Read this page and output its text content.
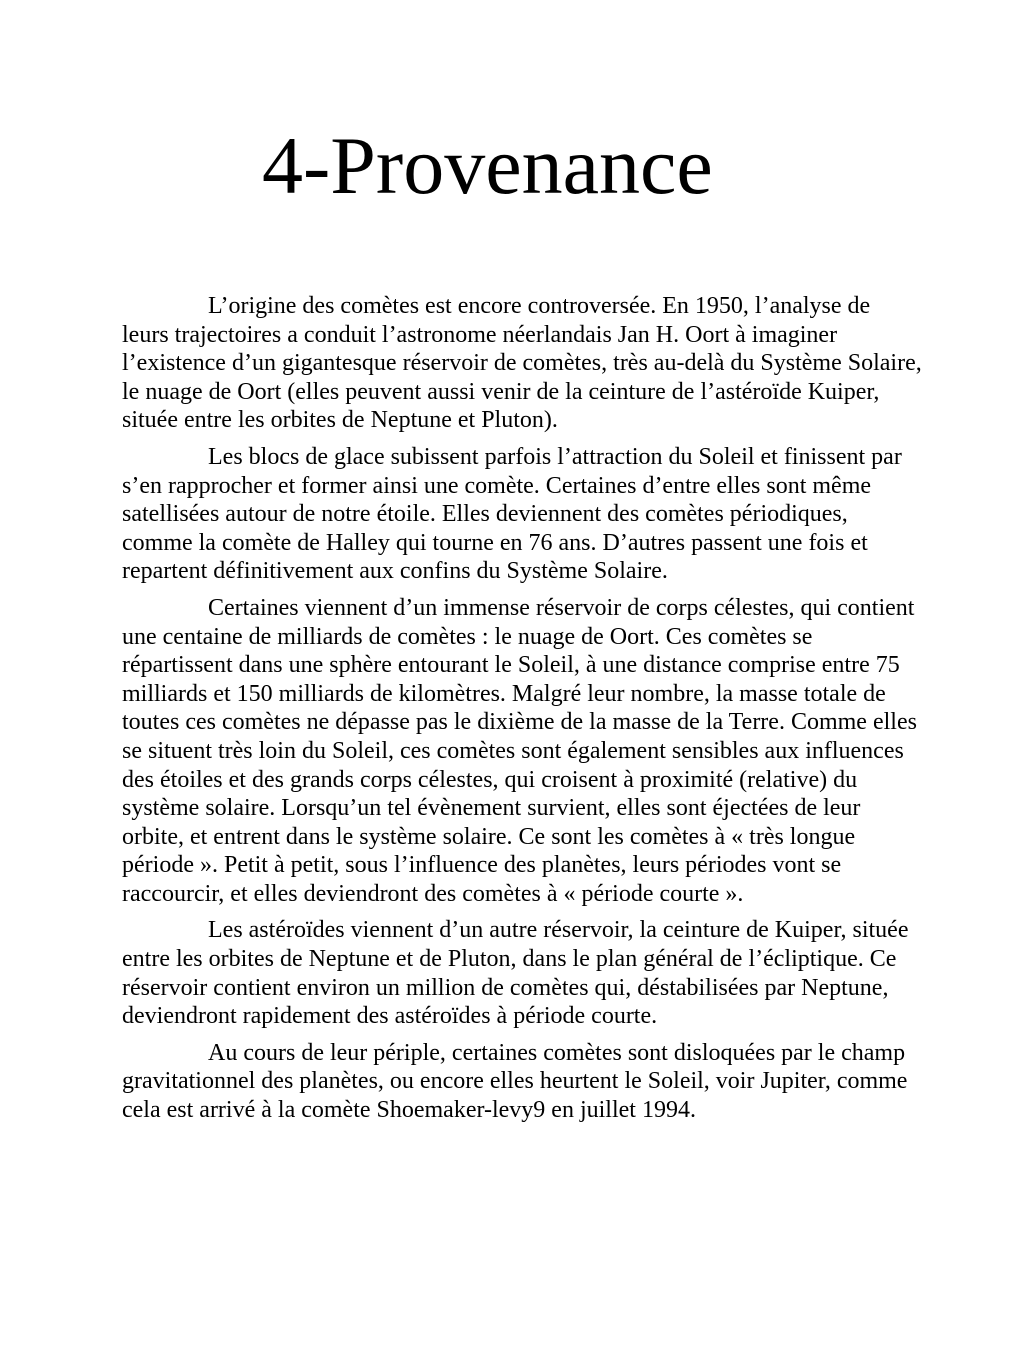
4-Provenance

L’origine des comètes est encore controversée. En 1950, l’analyse de leurs trajectoires a conduit l’astronome néerlandais Jan H. Oort à imaginer l’existence d’un gigantesque réservoir de comètes, très au-delà du Système Solaire, le nuage de Oort (elles peuvent aussi venir de la ceinture de l’astéroïde Kuiper, située entre les orbites de Neptune et Pluton).

Les blocs de glace subissent parfois l’attraction du Soleil et finissent par s’en rapprocher et former ainsi une comète. Certaines d’entre elles sont même satellisées autour de notre étoile. Elles deviennent des comètes périodiques, comme la comète de Halley qui tourne en 76 ans. D’autres passent une fois et repartent définitivement aux confins du Système Solaire.

Certaines viennent d’un immense réservoir de corps célestes, qui contient une centaine de milliards de comètes : le nuage de Oort. Ces comètes se répartissent dans une sphère entourant le Soleil, à une distance comprise entre 75 milliards et 150 milliards de kilomètres. Malgré leur nombre, la masse totale de toutes ces comètes ne dépasse pas le dixième de la masse de la Terre. Comme elles se situent très loin du Soleil, ces comètes sont également sensibles aux influences des étoiles et des grands corps célestes, qui croisent à proximité (relative) du système solaire. Lorsqu’un tel évènement survient, elles sont éjectées de leur orbite, et entrent dans le système solaire. Ce sont les comètes à « très longue période ». Petit à petit, sous l’influence des planètes, leurs périodes vont se raccourcir, et elles deviendront des comètes à « période courte ».

Les astéroïdes viennent d’un autre réservoir, la ceinture de Kuiper, située entre les orbites de Neptune et de Pluton, dans le plan général de l’écliptique. Ce réservoir contient environ un million de comètes qui, déstabilisées par Neptune, deviendront rapidement des astéroïdes à période courte.

Au cours de leur périple, certaines comètes sont disloquées par le champ gravitationnel des planètes, ou encore elles heurtent le Soleil, voir Jupiter, comme cela est arrivé à la comète Shoemaker-levy9 en juillet 1994.
